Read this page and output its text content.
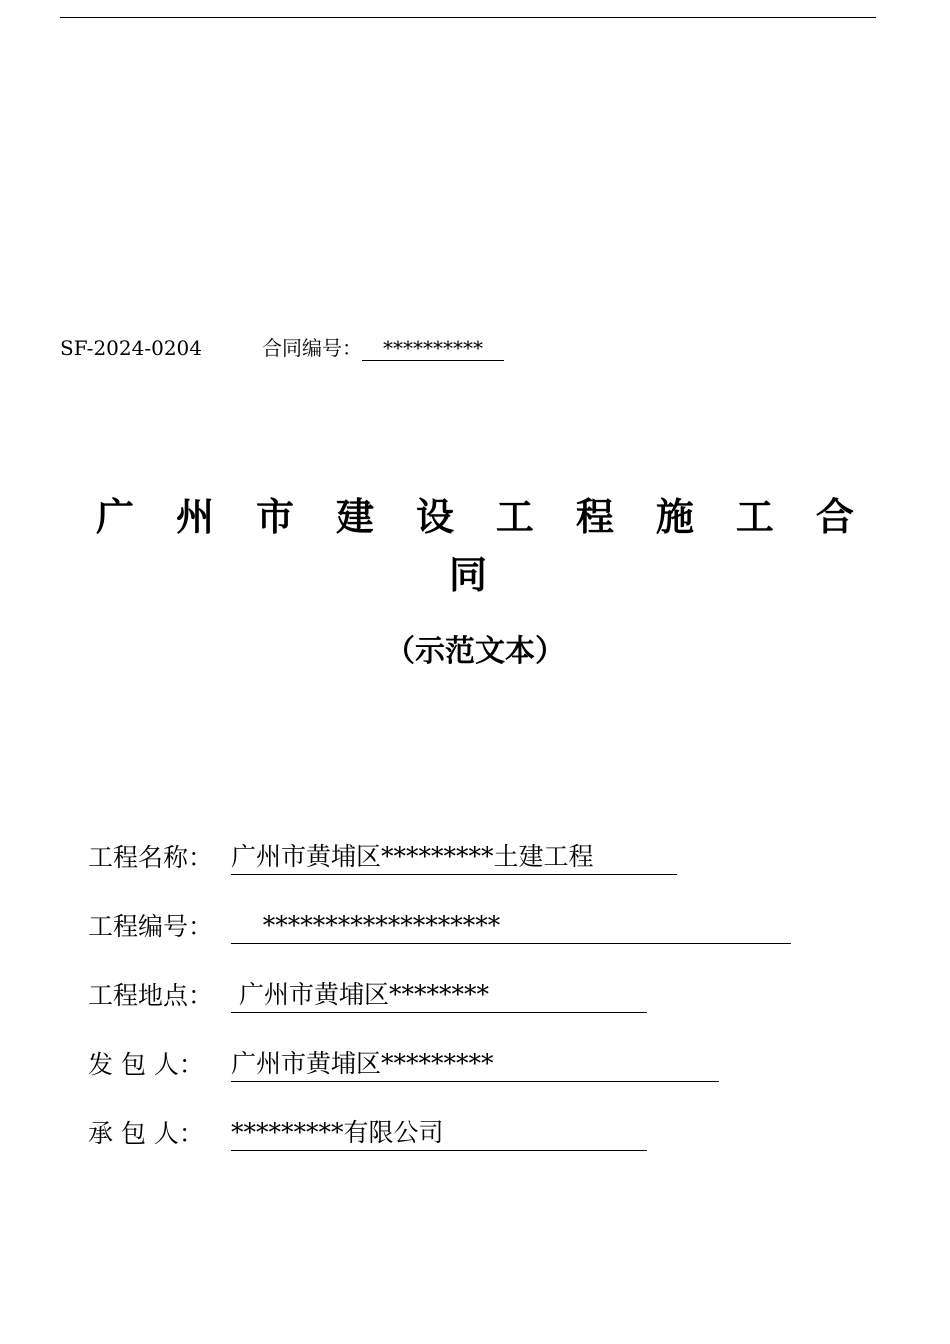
SF-2024-0204	合同编号： **********
广 州 市 建 设 工 程 施 工 合
同
（示范文本）
工程名称： 广州市黄埔区*********土建工程
工程编号： *******************
工程地点： 广州市黄埔区********
发 包 人：	广州市黄埔区*********
承 包 人：	*********有限公司
